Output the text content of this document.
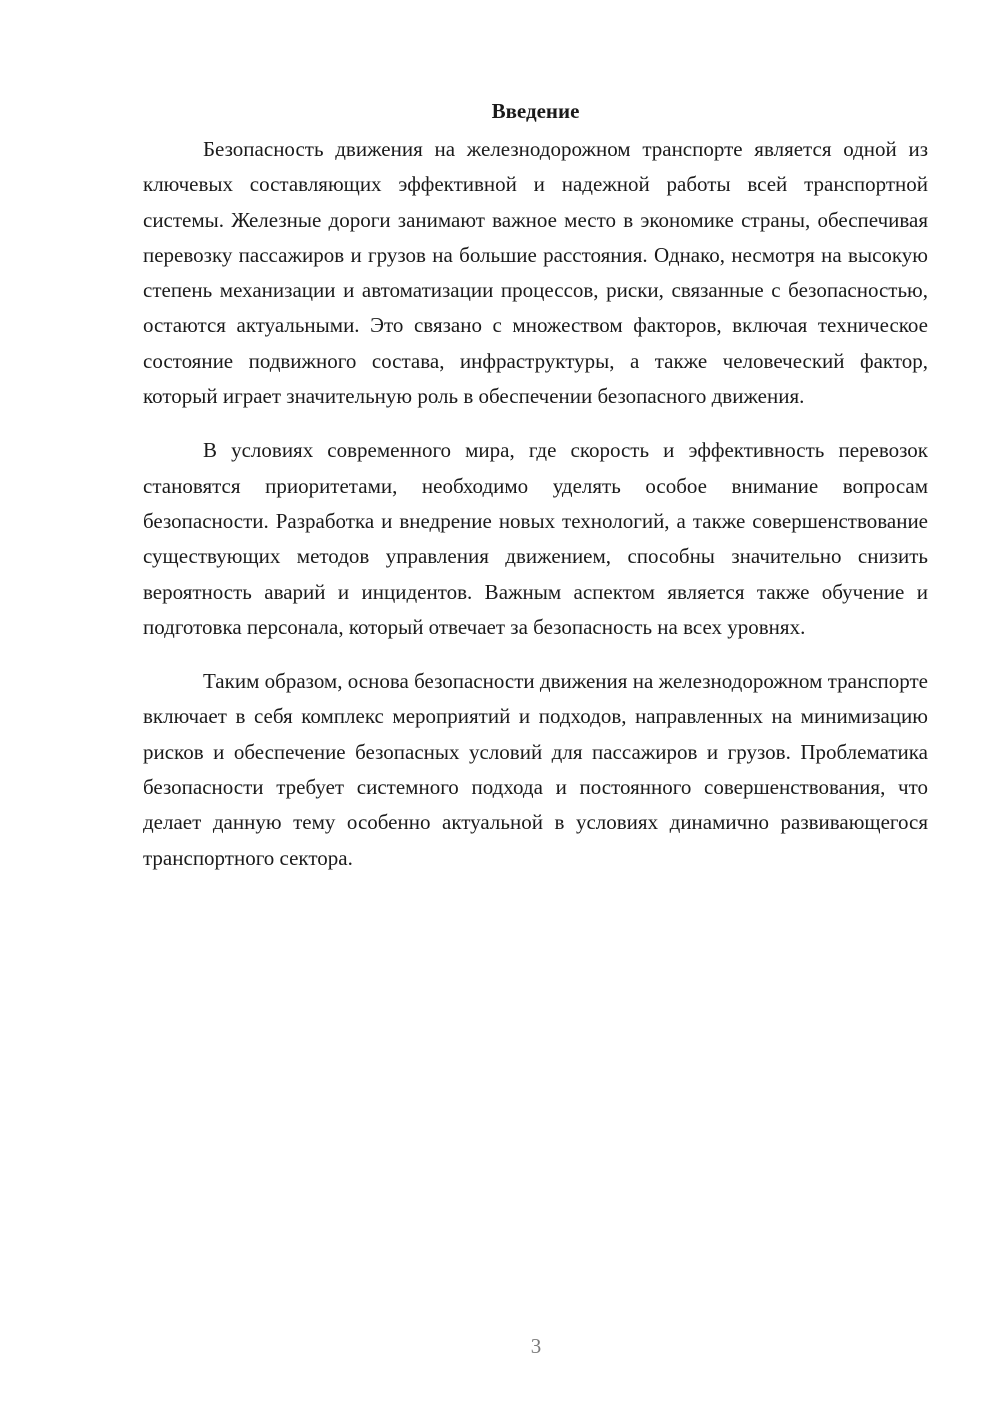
Введение

Безопасность движения на железнодорожном транспорте является одной из ключевых составляющих эффективной и надежной работы всей транспортной системы. Железные дороги занимают важное место в экономике страны, обеспечивая перевозку пассажиров и грузов на большие расстояния. Однако, несмотря на высокую степень механизации и автоматизации процессов, риски, связанные с безопасностью, остаются актуальными. Это связано с множеством факторов, включая техническое состояние подвижного состава, инфраструктуры, а также человеческий фактор, который играет значительную роль в обеспечении безопасного движения.

В условиях современного мира, где скорость и эффективность перевозок становятся приоритетами, необходимо уделять особое внимание вопросам безопасности. Разработка и внедрение новых технологий, а также совершенствование существующих методов управления движением, способны значительно снизить вероятность аварий и инцидентов. Важным аспектом является также обучение и подготовка персонала, который отвечает за безопасность на всех уровнях.

Таким образом, основа безопасности движения на железнодорожном транспорте включает в себя комплекс мероприятий и подходов, направленных на минимизацию рисков и обеспечение безопасных условий для пассажиров и грузов. Проблематика безопасности требует системного подхода и постоянного совершенствования, что делает данную тему особенно актуальной в условиях динамично развивающегося транспортного сектора.

3
